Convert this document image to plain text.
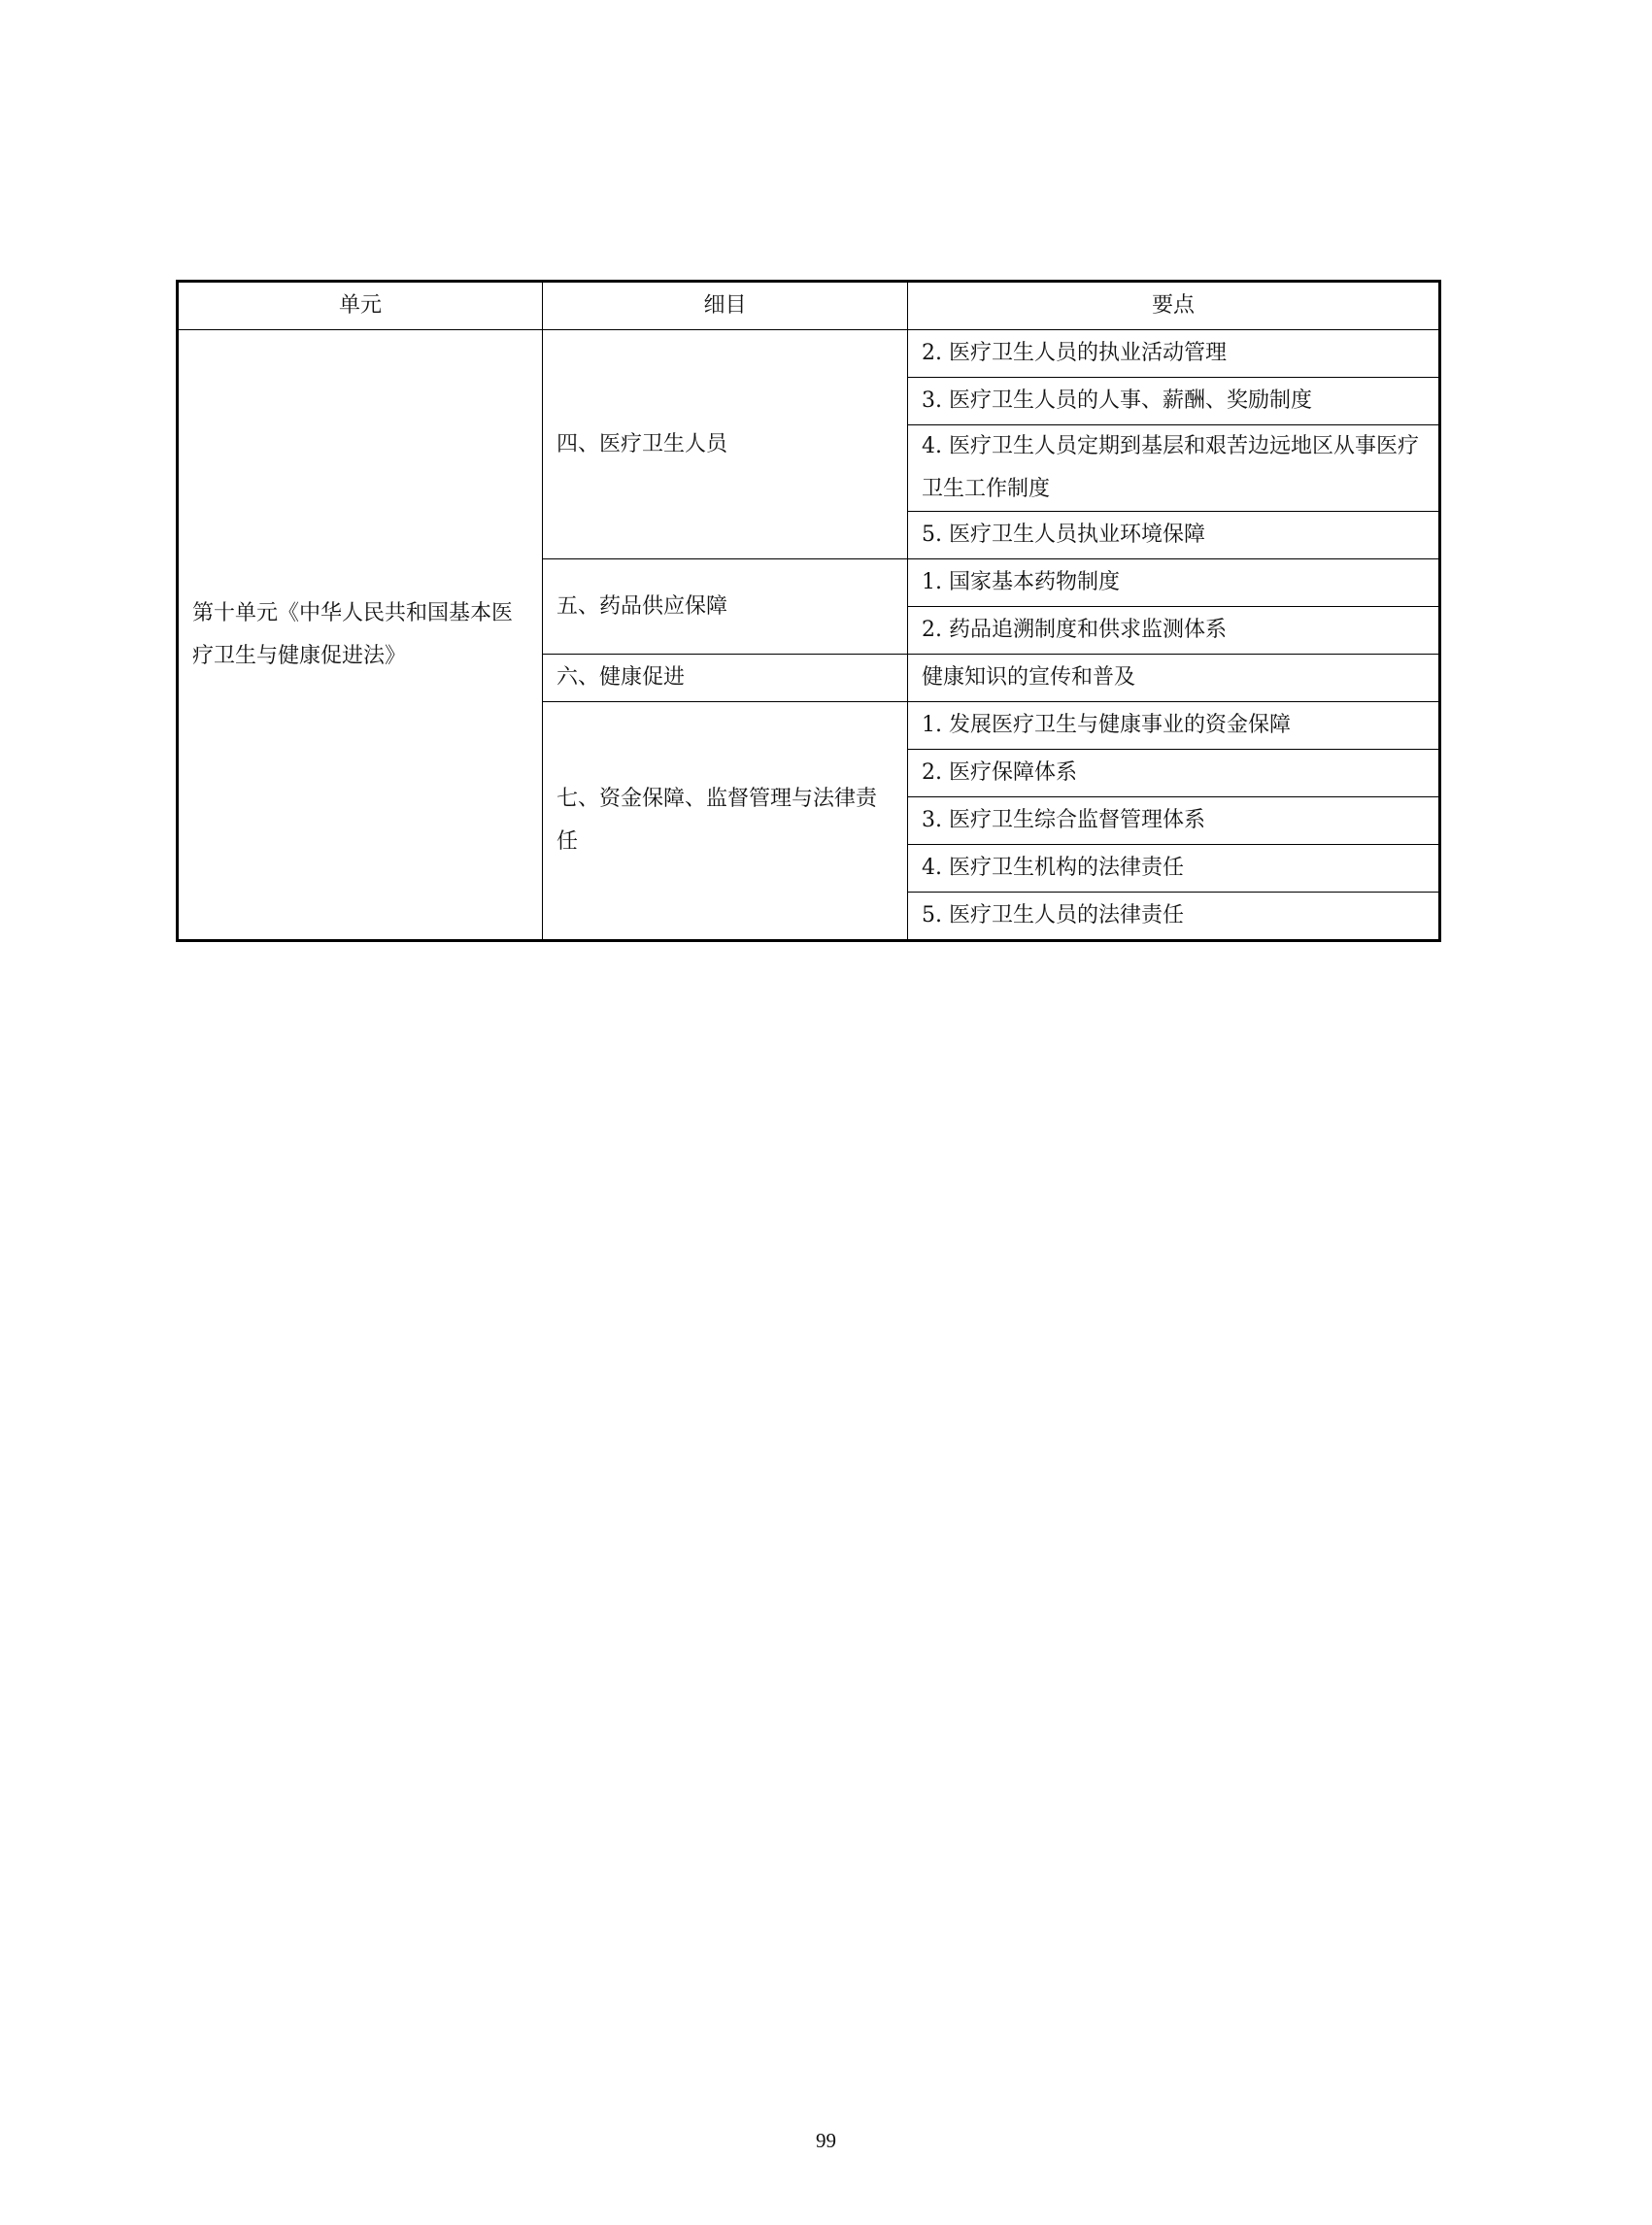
单元	细目	要点
第十单元《中华人民共和国基本医疗卫生与健康促进法》	四、医疗卫生人员	2. 医疗卫生人员的执业活动管理
		3. 医疗卫生人员的人事、薪酬、奖励制度
		4. 医疗卫生人员定期到基层和艰苦边远地区从事医疗卫生工作制度
		5. 医疗卫生人员执业环境保障
	五、药品供应保障	1. 国家基本药物制度
		2. 药品追溯制度和供求监测体系
	六、健康促进	健康知识的宣传和普及
	七、资金保障、监督管理与法律责任	1. 发展医疗卫生与健康事业的资金保障
		2. 医疗保障体系
		3. 医疗卫生综合监督管理体系
		4. 医疗卫生机构的法律责任
		5. 医疗卫生人员的法律责任
99
